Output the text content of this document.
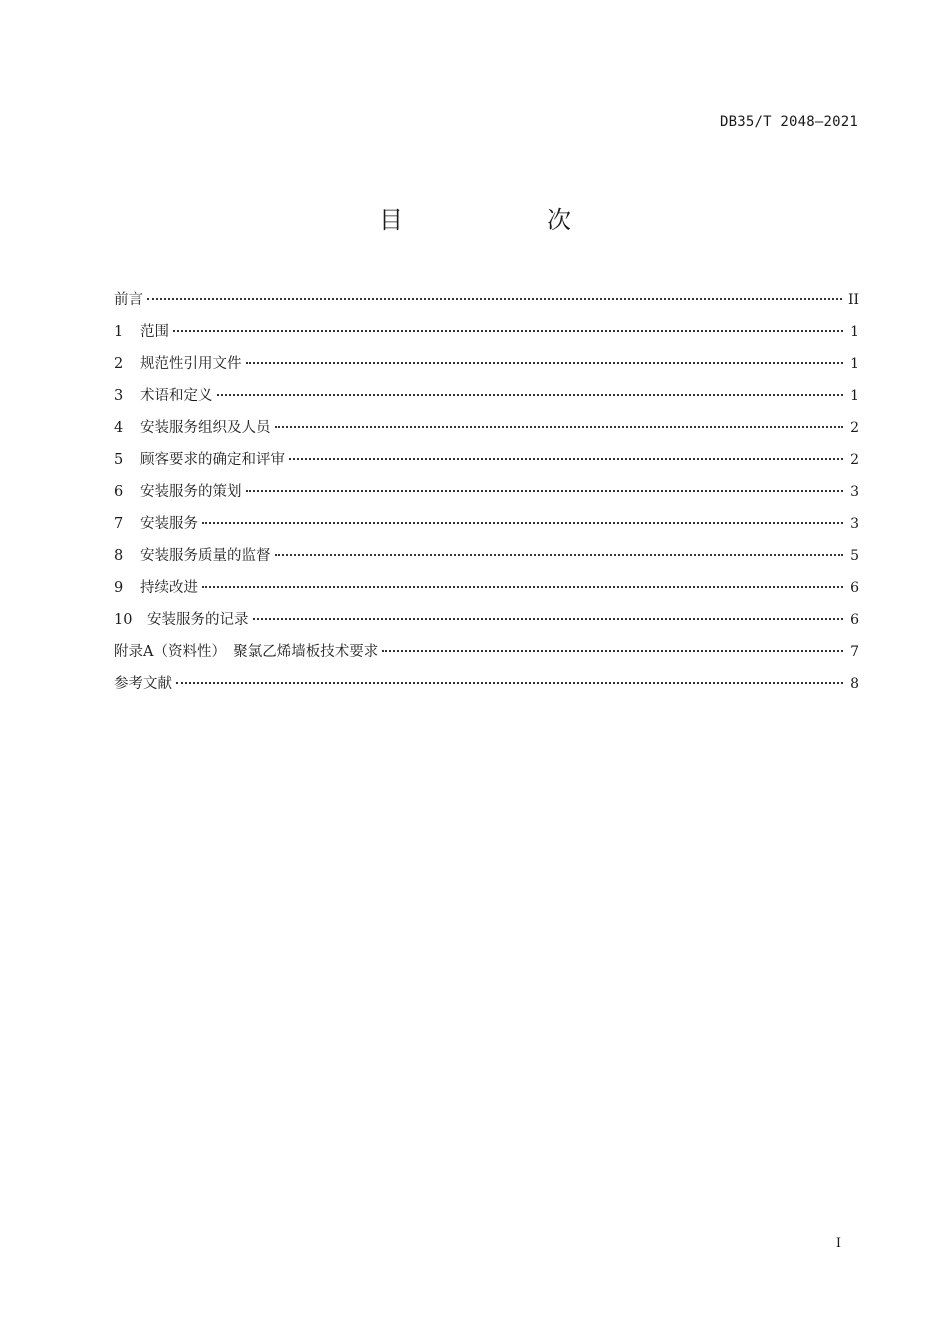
DB35/T 2048—2021
目　次
前言	II
1	范围	1
2	规范性引用文件	1
3	术语和定义	1
4	安装服务组织及人员	2
5	顾客要求的确定和评审	2
6	安装服务的策划	3
7	安装服务	3
8	安装服务质量的监督	5
9	持续改进	6
10	安装服务的记录	6
附录A（资料性）　聚氯乙烯墙板技术要求	7
参考文献	8
I
